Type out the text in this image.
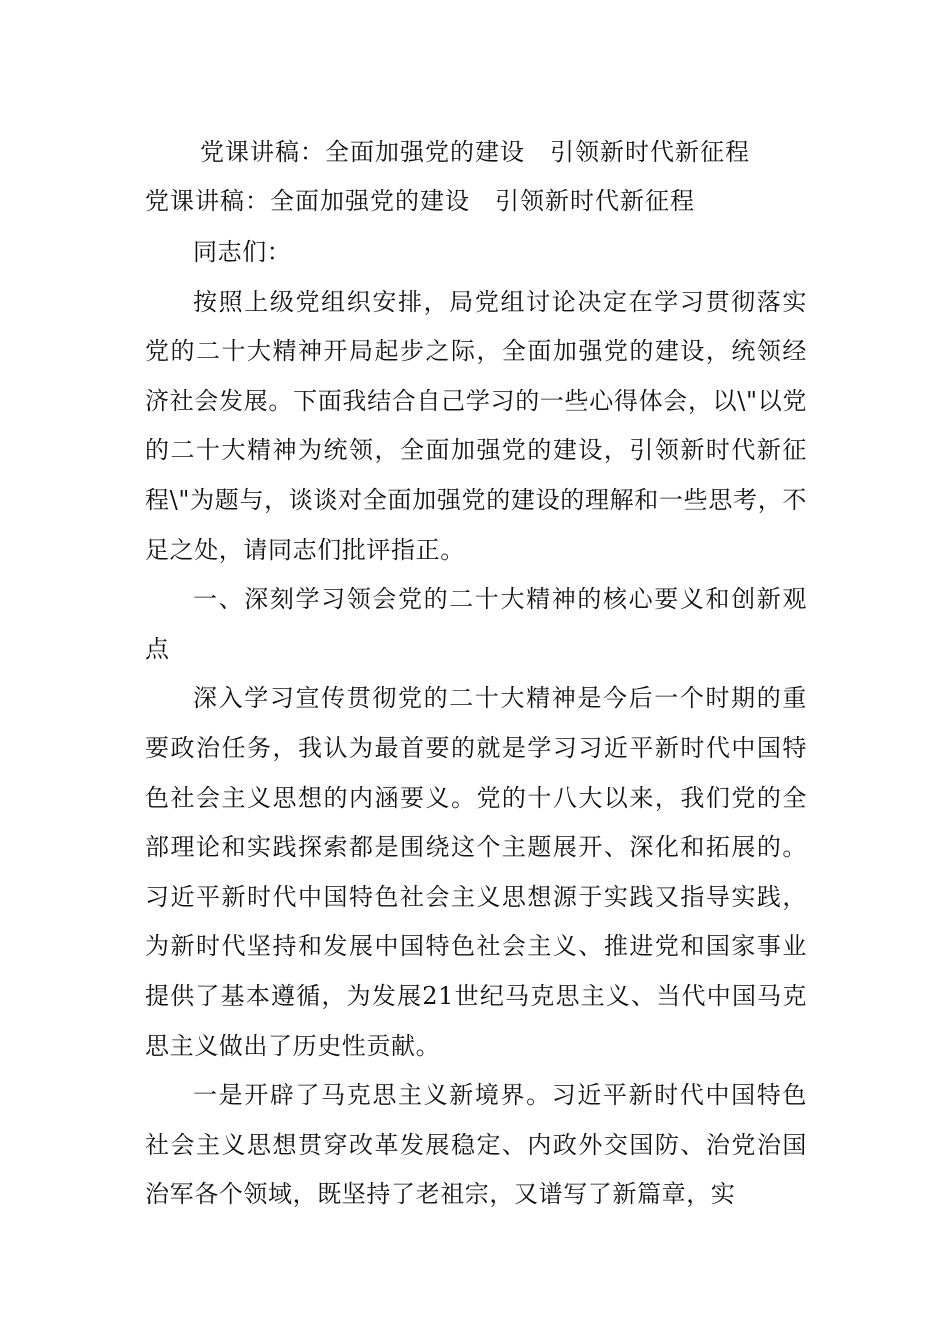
党课讲稿：全面加强党的建设　引领新时代新征程
党课讲稿：全面加强党的建设　引领新时代新征程

同志们：

按照上级党组织安排，局党组讨论决定在学习贯彻落实党的二十大精神开局起步之际，全面加强党的建设，统领经济社会发展。下面我结合自己学习的一些心得体会，以\"以党的二十大精神为统领，全面加强党的建设，引领新时代新征程\"为题与，谈谈对全面加强党的建设的理解和一些思考，不足之处，请同志们批评指正。

一、深刻学习领会党的二十大精神的核心要义和创新观点

深入学习宣传贯彻党的二十大精神是今后一个时期的重要政治任务，我认为最首要的就是学习习近平新时代中国特色社会主义思想的内涵要义。党的十八大以来，我们党的全部理论和实践探索都是围绕这个主题展开、深化和拓展的。习近平新时代中国特色社会主义思想源于实践又指导实践，为新时代坚持和发展中国特色社会主义、推进党和国家事业提供了基本遵循，为发展21世纪马克思主义、当代中国马克思主义做出了历史性贡献。

一是开辟了马克思主义新境界。习近平新时代中国特色社会主义思想贯穿改革发展稳定、内政外交国防、治党治国治军各个领域，既坚持了老祖宗，又谱写了新篇章，实
